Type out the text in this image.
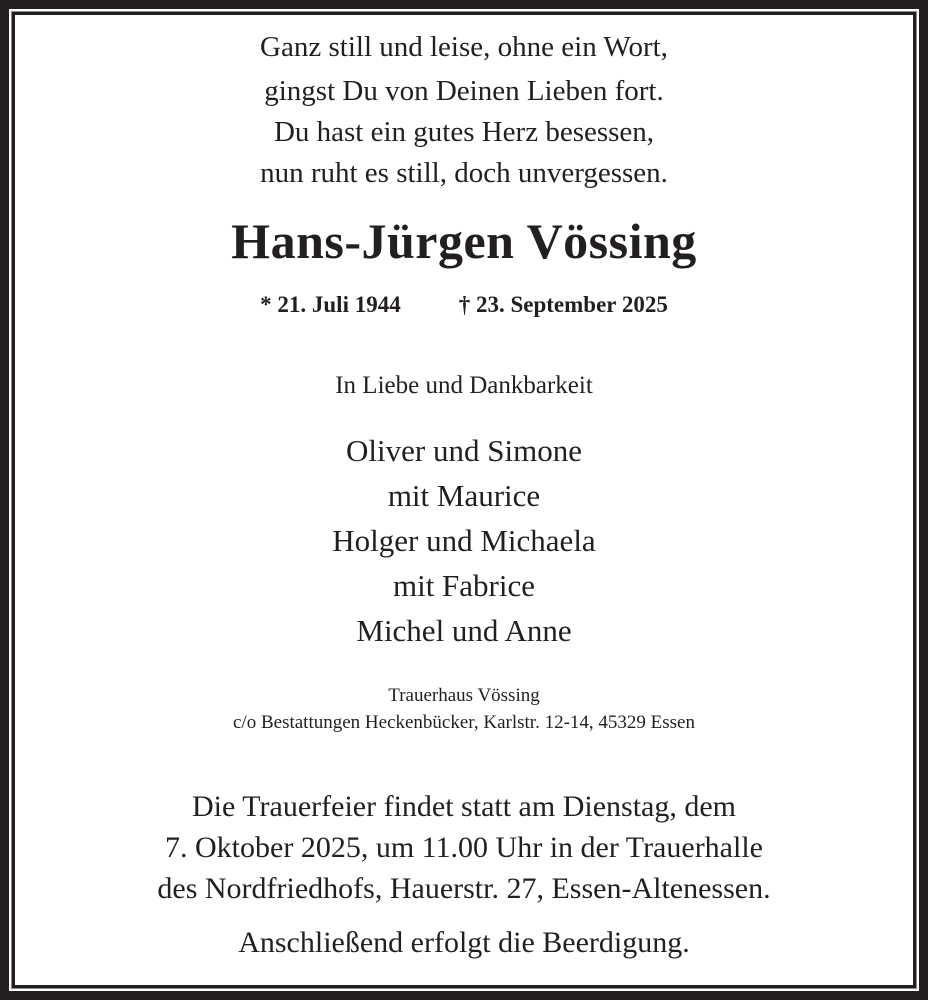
Ganz still und leise, ohne ein Wort,
gingst Du von Deinen Lieben fort.
Du hast ein gutes Herz besessen,
nun ruht es still, doch unvergessen.
Hans-Jürgen Vössing
* 21. Juli 1944	† 23. September 2025
In Liebe und Dankbarkeit
Oliver und Simone
mit Maurice
Holger und Michaela
mit Fabrice
Michel und Anne
Trauerhaus Vössing
c/o Bestattungen Heckenbücker, Karlstr. 12-14, 45329 Essen
Die Trauerfeier findet statt am Dienstag, dem
7. Oktober 2025, um 11.00 Uhr in der Trauerhalle
des Nordfriedhofs, Hauerstr. 27, Essen-Altenessen.
Anschließend erfolgt die Beerdigung.
